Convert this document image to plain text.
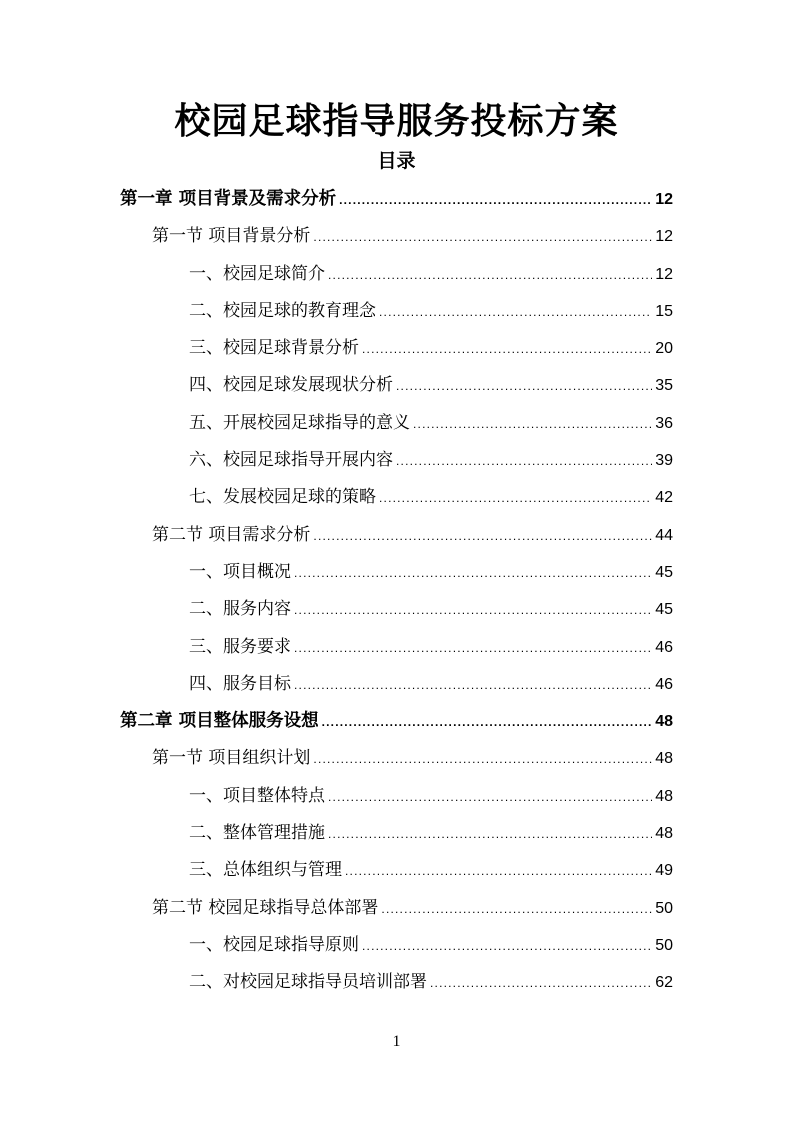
校园足球指导服务投标方案
目录
第一章 项目背景及需求分析 .....	12
第一节 项目背景分析 .....	12
一、校园足球简介 .....	12
二、校园足球的教育理念 .....	15
三、校园足球背景分析 .....	20
四、校园足球发展现状分析 .....	35
五、开展校园足球指导的意义 .....	36
六、校园足球指导开展内容 .....	39
七、发展校园足球的策略 .....	42
第二节 项目需求分析 .....	44
一、项目概况 .....	45
二、服务内容 .....	45
三、服务要求 .....	46
四、服务目标 .....	46
第二章 项目整体服务设想 .....	48
第一节 项目组织计划 .....	48
一、项目整体特点 .....	48
二、整体管理措施 .....	48
三、总体组织与管理 .....	49
第二节 校园足球指导总体部署 .....	50
一、校园足球指导原则 .....	50
二、对校园足球指导员培训部署 .....	62
1
